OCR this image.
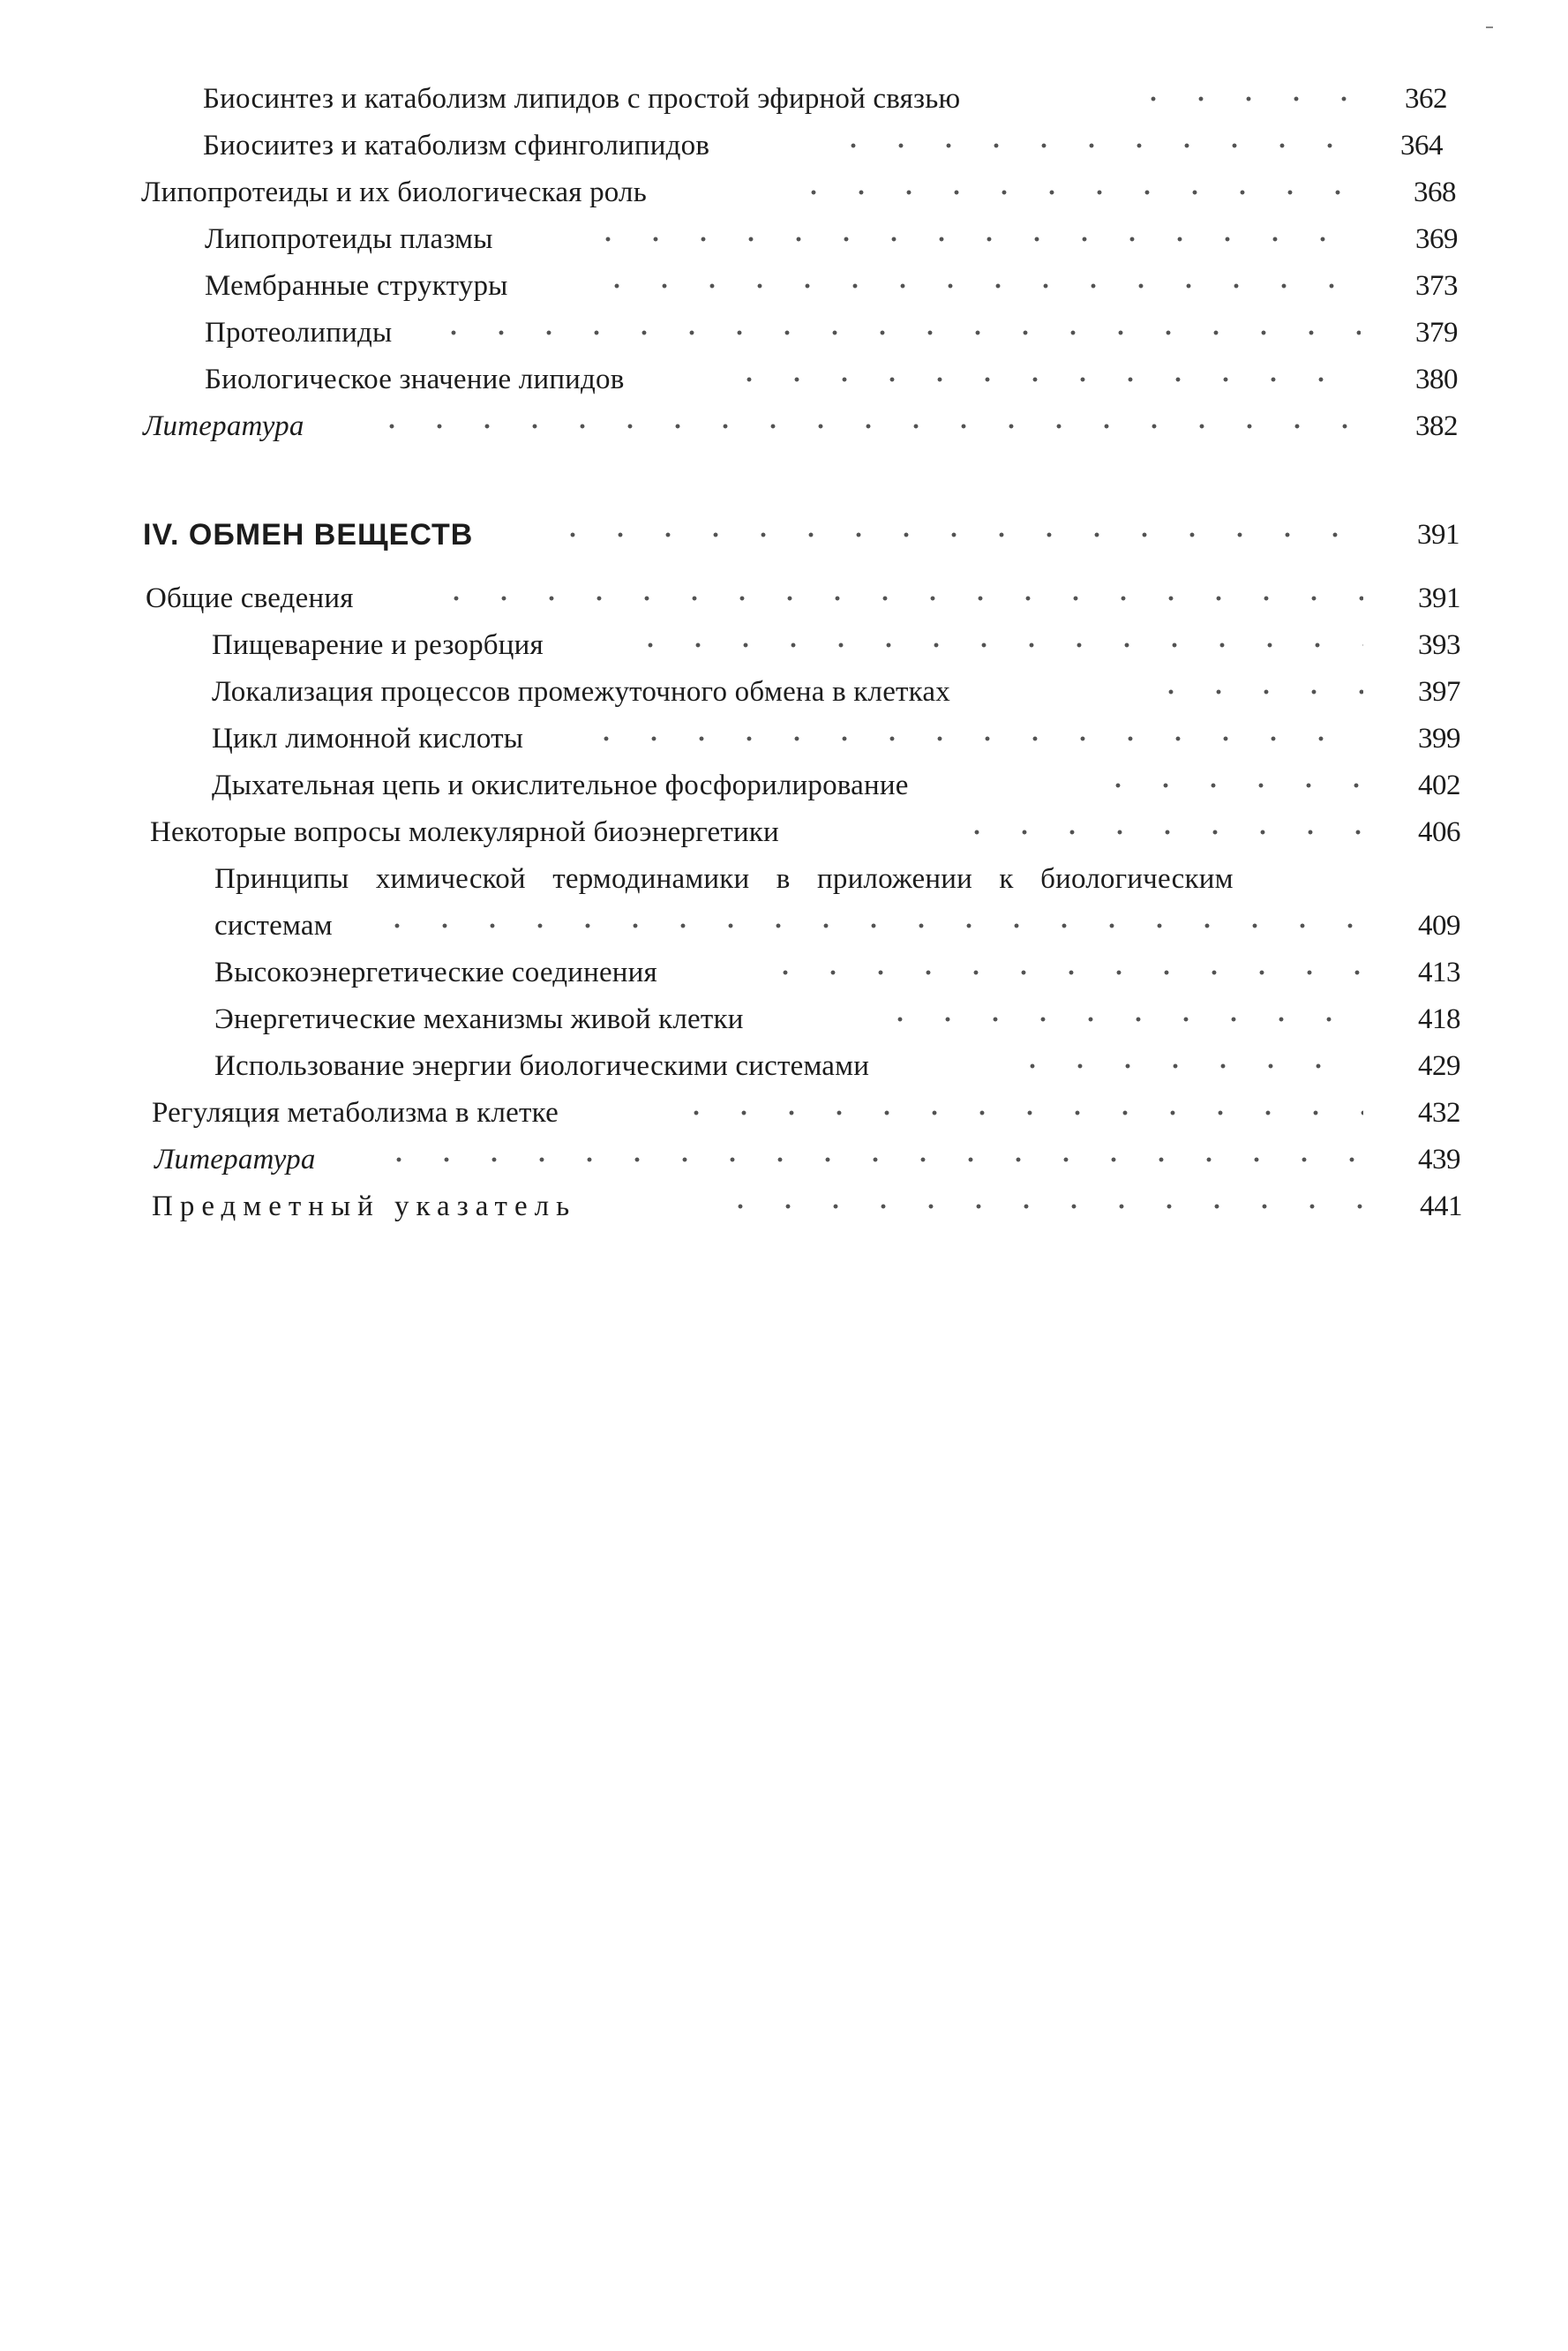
Биосинтез и катаболизм липидов с простой эфирной связью	362
Биосиитез и катаболизм сфинголипидов	364
Липопротеиды и их биологическая роль	368
Липопротеиды плазмы	369
Мембранные структуры	373
Протеолипиды	379
Биологическое значение липидов	380
Литература	382
IV. ОБМЕН ВЕЩЕСТВ	391
Общие сведения	391
Пищеварение и резорбция	393
Локализация процессов промежуточного обмена в клетках	397
Цикл лимонной кислоты	399
Дыхательная цепь и окислительное фосфорилирование	402
Некоторые вопросы молекулярной биоэнергетики	406
Принципы химической термодинамики в приложении к биологическим
системам	409
Высокоэнергетические соединения	413
Энергетические механизмы живой клетки	418
Использование энергии биологическими системами	429
Регуляция метаболизма в клетке	432
Литература	439
Предметный указатель	441
